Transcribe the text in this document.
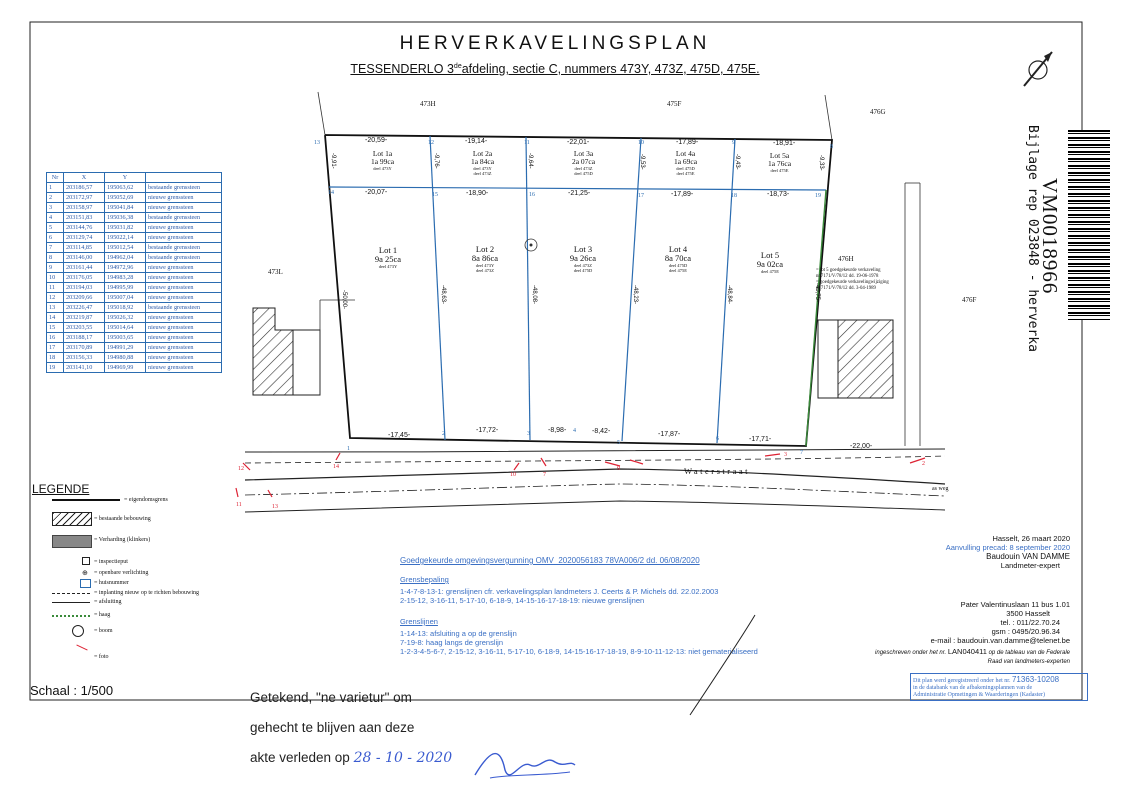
13	12	11	10	9
8
14	15	16	17	18	19
1
2	3	4
5
6
7
12
11	13
14
10	7
9
3
2
HERVERKAVELINGSPLAN
TESSENDERLO 3deafdeling, sectie C, nummers 473Y, 473Z, 475D, 475E.
473H	475F
476G
473L
476H
476F
= lot 5 goedgekeurde verkaveling
nr.7171/V/78/12 dd. 19-06-1978
= goedgekeurde verkavelingwijziging
nr.7171/V/78/12 dd. 3-04-1989
Lot 1a
1a 99ca
deel 473Y
Lot 2a
1a 84ca
deel 473Y
deel 473Z
Lot 3a
2a 07ca
deel 473Z
deel 475D
Lot 4a
1a 69ca
deel 475D
deel 475E
Lot 5a
1a 76ca
deel 475E
Lot 1
9a 25ca
deel 473Y
Lot 2
8a 86ca
deel 473Y
deel 473Z
Lot 3
9a 26ca
deel 473Z
deel 475D
Lot 4
8a 70ca
deel 475D
deel 475E
Lot 5
9a 02ca
deel 475E
-20,59-	-19,14-	-22,01-	-17,89-	-18,91-
-20,07-	-18,90-	-21,25-	-17,89-	-18,73-
-17,45-
-17,72-	-8,98-	-8,42-	-17,87-
-17,71-
-22,00-
-9,91-	-9,76-	-9,64-	-9,53-	-9,43-	-9,33-
-50,00-	-48,63-	-48,08-	-48,23-	-48,84-	-49,75-
Nr	X	Y	
1	203186,57	195063,62	bestaande grenssteen
2	203172,97	195052,69	nieuwe grenssteen
3	203158,97	195041,84	nieuwe grenssteen
4	203151,83	195036,38	bestaande grenssteen
5	203144,76	195031,82	nieuwe grenssteen
6	203129,74	195022,14	nieuwe grenssteen
7	203114,85	195012,54	bestaande grenssteen
8	203146,00	194962,04	bestaande grenssteen
9	203161,44	194972,96	nieuwe grenssteen
10	203176,05	194983,28	nieuwe grenssteen
11	203194,03	194995,99	nieuwe grenssteen
12	203209,66	195007,04	nieuwe grenssteen
13	203226,47	195018,92	bestaande grenssteen
14	203219,87	195026,32	nieuwe grenssteen
15	203203,55	195014,64	nieuwe grenssteen
16	203188,17	195003,65	nieuwe grenssteen
17	203170,89	194991,29	nieuwe grenssteen
18	203156,33	194980,88	nieuwe grenssteen
19	203141,10	194969,99	nieuwe grenssteen
Waterstraat
as weg
LEGENDE
= eigendomsgrens
= bestaande bebouwing
= Verharding (klinkers)
= inspectieput
⊕ = openbare verlichting
= huisnummer
= inplanting nieuw op te richten bebouwing
= afsluiting
= haag
= boom
= foto
Schaal : 1/500
Goedgekeurde omgevingsvergunning OMV_2020056183 78VA006/2 dd. 06/08/2020
Grensbepaling
1-4-7-8-13-1: grenslijnen cfr. verkavelingsplan landmeters J. Ceerts & P. Michels dd. 22.02.2003
2-15-12, 3-16-11, 5-17-10, 6-18-9, 14-15-16-17-18-19: nieuwe grenslijnen
Grenslijnen
1-14-13: afsluiting a op de grenslijn
7-19-8: haag langs de grenslijn
1-2-3-4-5-6-7, 2-15-12, 3-16-11, 5-17-10, 6-18-9, 14-15-16-17-18-19, 8-9-10-11-12-13: niet gematerialiseerd
Hasselt, 26 maart 2020
Aanvulling precad: 8 september 2020
Baudouin VAN DAMME
Landmeter-expert
Pater Valentinuslaan 11 bus 1.01
3500 Hasselt
tel. : 011/22.70.24
gsm : 0495/20.96.34
e-mail : baudouin.van.damme@telenet.be
ingeschreven onder het nr. LAN040411 op de tableau van de Federale Raad van landmeters-experten
Dit plan werd geregistreerd onder het nr. 71363-10208
in de databank van de afbakeningsplannen van de
Administratie Opmetingen & Waarderingen (Kadaster)
Getekend, "ne varietur" om
gehecht te blijven aan deze
akte verleden op 28 - 10 - 2020
VM0018966
Bijlage rep 023848 - herverka
